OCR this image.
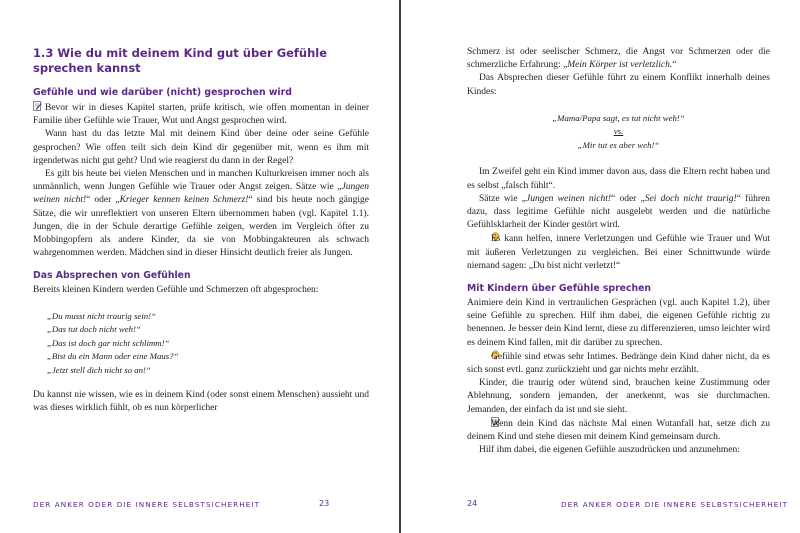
1.3 Wie du mit deinem Kind gut über Gefühle sprechen kannst
Gefühle und wie darüber (nicht) gesprochen wird

Bevor wir in dieses Kapitel starten, prüfe kritisch, wie offen momentan in deiner Familie über Gefühle wie Trauer, Wut und Angst gesprochen wird.

Wann hast du das letzte Mal mit deinem Kind über deine oder seine Gefühle gesprochen? Wie offen teilt sich dein Kind dir gegenüber mit, wenn es ihm mit irgendetwas nicht gut geht? Und wie reagierst du dann in der Regel?

Es gilt bis heute bei vielen Menschen und in manchen Kulturkreisen immer noch als unmännlich, wenn Jungen Gefühle wie Trauer oder Angst zeigen. Sätze wie „Jungen weinen nicht!“ oder „Krieger kennen keinen Schmerz!“ sind bis heute noch gängige Sätze, die wir unreflektiert von unseren Eltern übernommen haben (vgl. Kapitel 1.1). Jungen, die in der Schule derartige Gefühle zeigen, werden im Vergleich öfter zu Mobbingopfern als andere Kinder, da sie von Mobbingakteuren als schwach wahrgenommen werden. Mädchen sind in dieser Hinsicht deutlich freier als Jungen.

Das Absprechen von Gefühlen

Bereits kleinen Kindern werden Gefühle und Schmerzen oft abgesprochen:

„Du musst nicht traurig sein!“
„Das tut doch nicht weh!“
„Das ist doch gar nicht schlimm!“
„Bist du ein Mann oder eine Maus?“
„Jetzt stell dich nicht so an!“

Du kannst nie wissen, wie es in deinem Kind (oder sonst einem Menschen) aussieht und was dieses wirklich fühlt, ob es nun körperlicher

DER ANKER ODER DIE INNERE SELBSTSICHERHEIT	23

Schmerz ist oder seelischer Schmerz, die Angst vor Schmerzen oder die schmerzliche Erfahrung: „Mein Körper ist verletzlich.“

Das Absprechen dieser Gefühle führt zu einem Konflikt innerhalb deines Kindes:

„Mama/Papa sagt, es tut nicht weh!“
vs.
„Mir tut es aber weh!“

Im Zweifel geht ein Kind immer davon aus, dass die Eltern recht haben und es selbst „falsch fühlt“.

Sätze wie „Jungen weinen nicht!“ oder „Sei doch nicht traurig!“ führen dazu, dass legitime Gefühle nicht ausgelebt werden und die natürliche Gefühlsklarheit der Kinder gestört wird.

Es kann helfen, innere Verletzungen und Gefühle wie Trauer und Wut mit äußeren Verletzungen zu vergleichen. Bei einer Schnittwunde würde niemand sagen: „Du bist nicht verletzt!“

Mit Kindern über Gefühle sprechen

Animiere dein Kind in vertraulichen Gesprächen (vgl. auch Kapitel 1.2), über seine Gefühle zu sprechen. Hilf ihm dabei, die eigenen Gefühle richtig zu benennen. Je besser dein Kind lernt, diese zu differenzieren, umso leichter wird es deinem Kind fallen, mit dir darüber zu sprechen.

Gefühle sind etwas sehr Intimes. Bedränge dein Kind daher nicht, da es sich sonst evtl. ganz zurückzieht und gar nichts mehr erzählt.

Kinder, die traurig oder wütend sind, brauchen keine Zustimmung oder Ablehnung, sondern jemanden, der anerkennt, was sie durchmachen. Jemanden, der einfach da ist und sie sieht.

Wenn dein Kind das nächste Mal einen Wutanfall hat, setze dich zu deinem Kind und stehe diesen mit deinem Kind gemeinsam durch.

Hilf ihm dabei, die eigenen Gefühle auszudrücken und anzunehmen:

24	DER ANKER ODER DIE INNERE SELBSTSICHERHEIT
